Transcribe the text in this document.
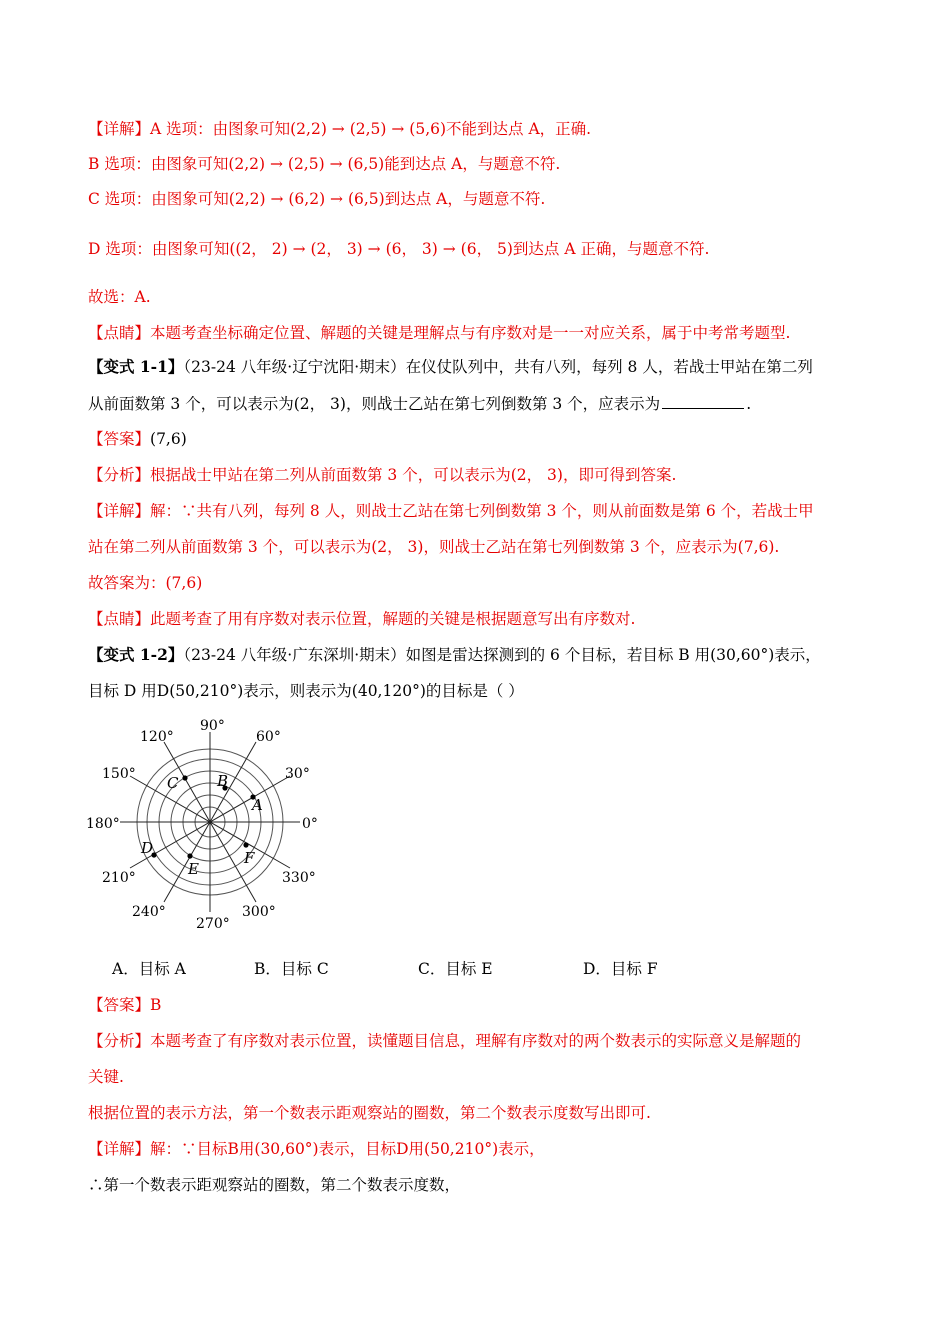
【详解】A 选项：由图象可知(2,2) → (2,5) → (5,6)不能到达点 A，正确.

B 选项：由图象可知(2,2) → (2,5) → (6,5)能到达点 A，与题意不符.

C 选项：由图象可知(2,2) → (6,2) → (6,5)到达点 A，与题意不符.

D 选项：由图象可知((2， 2) → (2， 3) → (6， 3) → (6， 5)到达点 A 正确，与题意不符.

故选：A.

【点睛】本题考查坐标确定位置、解题的关键是理解点与有序数对是一一对应关系，属于中考常考题型.

【变式 1-1】（23-24 八年级·辽宁沈阳·期末）在仪仗队列中，共有八列，每列 8 人，若战士甲站在第二列

从前面数第 3 个，可以表示为(2， 3)，则战士乙站在第七列倒数第 3 个，应表示为	.

【答案】(7,6)

【分析】根据战士甲站在第二列从前面数第 3 个，可以表示为(2， 3)，即可得到答案.

【详解】解：∵共有八列，每列 8 人，则战士乙站在第七列倒数第 3 个，则从前面数是第 6 个，若战士甲

站在第二列从前面数第 3 个，可以表示为(2， 3)，则战士乙站在第七列倒数第 3 个，应表示为(7,6).

故答案为：(7,6)

【点睛】此题考查了用有序数对表示位置，解题的关键是根据题意写出有序数对.

【变式 1-2】（23-24 八年级·广东深圳·期末）如图是雷达探测到的 6 个目标，若目标 B 用(30,60°)表示，

目标 D 用D(50,210°)表示，则表示为(40,120°)的目标是（ ）

0°
30°
60°
90°
120°
150°
180°
210°
240°
270°
300°
330°
A
B
C
D
E
F
A．目标 A	B．目标 C	C．目标 E	D．目标 F

【答案】B

【分析】本题考查了有序数对表示位置，读懂题目信息，理解有序数对的两个数表示的实际意义是解题的

关键.

根据位置的表示方法，第一个数表示距观察站的圈数，第二个数表示度数写出即可.

【详解】解：∵目标B用(30,60°)表示，目标D用(50,210°)表示，

∴第一个数表示距观察站的圈数，第二个数表示度数，
